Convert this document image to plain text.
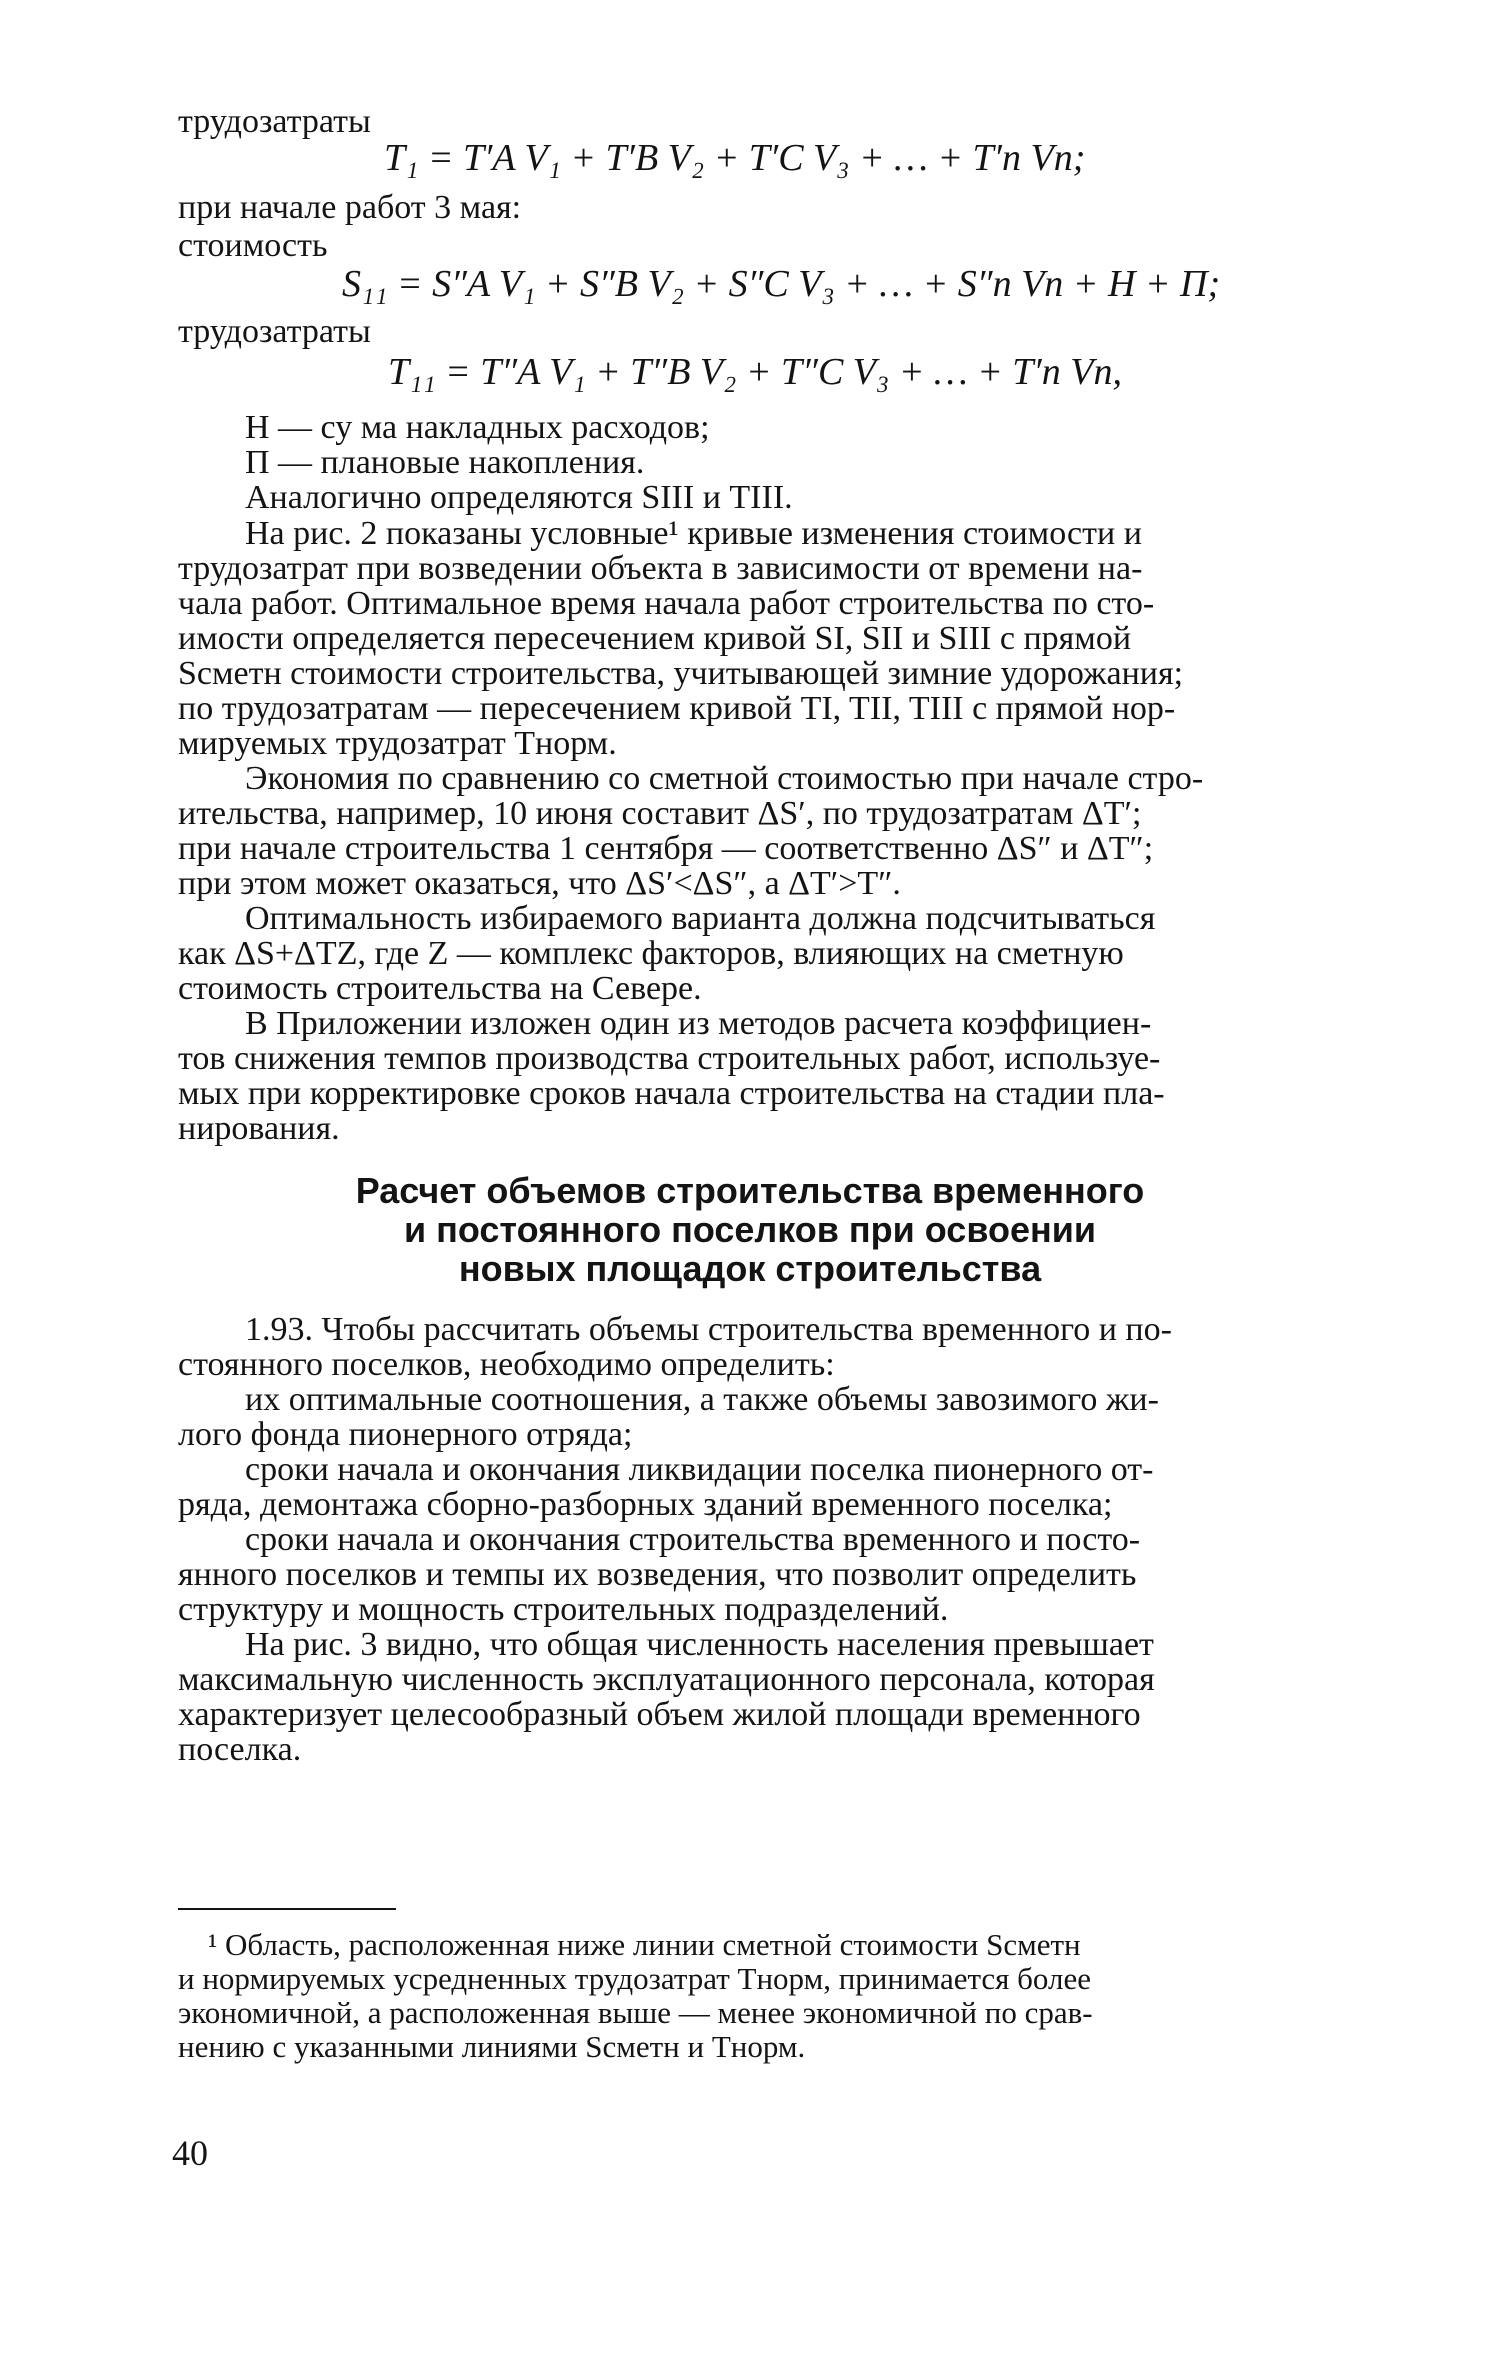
трудозатраты
T₁ = T′A V₁ + T′B V₂ + T′C V₃ + … + T′n Vn;
при начале работ 3 мая:
стоимость
S₁₁ = S″A V₁ + S″B V₂ + S″C V₃ + … + S″n Vn + H + П;
трудозатраты
T₁₁ = T″A V₁ + T″B V₂ + T″C V₃ + … + T′n Vn,
H — су ма накладных расходов;
П — плановые накопления.
Аналогично определяются SIII и TIII.
На рис. 2 показаны условные¹ кривые изменения стоимости и
трудозатрат при возведении объекта в зависимости от времени на-
чала работ. Оптимальное время начала работ строительства по сто-
имости определяется пересечением кривой SI, SII и SIII с прямой
Sсметн стоимости строительства, учитывающей зимние удорожания;
по трудозатратам — пересечением кривой TI, TII, TIII с прямой нор-
мируемых трудозатрат Tнорм.
Экономия по сравнению со сметной стоимостью при начале стро-
ительства, например, 10 июня составит ΔS′, по трудозатратам ΔT′;
при начале строительства 1 сентября — соответственно ΔS″ и ΔT″;
при этом может оказаться, что ΔS′<ΔS″, а ΔT′>T″.
Оптимальность избираемого варианта должна подсчитываться
как ΔS+ΔTZ, где Z — комплекс факторов, влияющих на сметную
стоимость строительства на Севере.
В Приложении изложен один из методов расчета коэффициен-
тов снижения темпов производства строительных работ, используе-
мых при корректировке сроков начала строительства на стадии пла-
нирования.
Расчет объемов строительства временного
и постоянного поселков при освоении
новых площадок строительства
1.93. Чтобы рассчитать объемы строительства временного и по-
стоянного поселков, необходимо определить:
их оптимальные соотношения, а также объемы завозимого жи-
лого фонда пионерного отряда;
сроки начала и окончания ликвидации поселка пионерного от-
ряда, демонтажа сборно-разборных зданий временного поселка;
сроки начала и окончания строительства временного и посто-
янного поселков и темпы их возведения, что позволит определить
структуру и мощность строительных подразделений.
На рис. 3 видно, что общая численность населения превышает
максимальную численность эксплуатационного персонала, которая
характеризует целесообразный объем жилой площади временного
поселка.
¹ Область, расположенная ниже линии сметной стоимости Sсметн
и нормируемых усредненных трудозатрат Tнорм, принимается более
экономичной, а расположенная выше — менее экономичной по срав-
нению с указанными линиями Sсметн и Tнорм.
40
